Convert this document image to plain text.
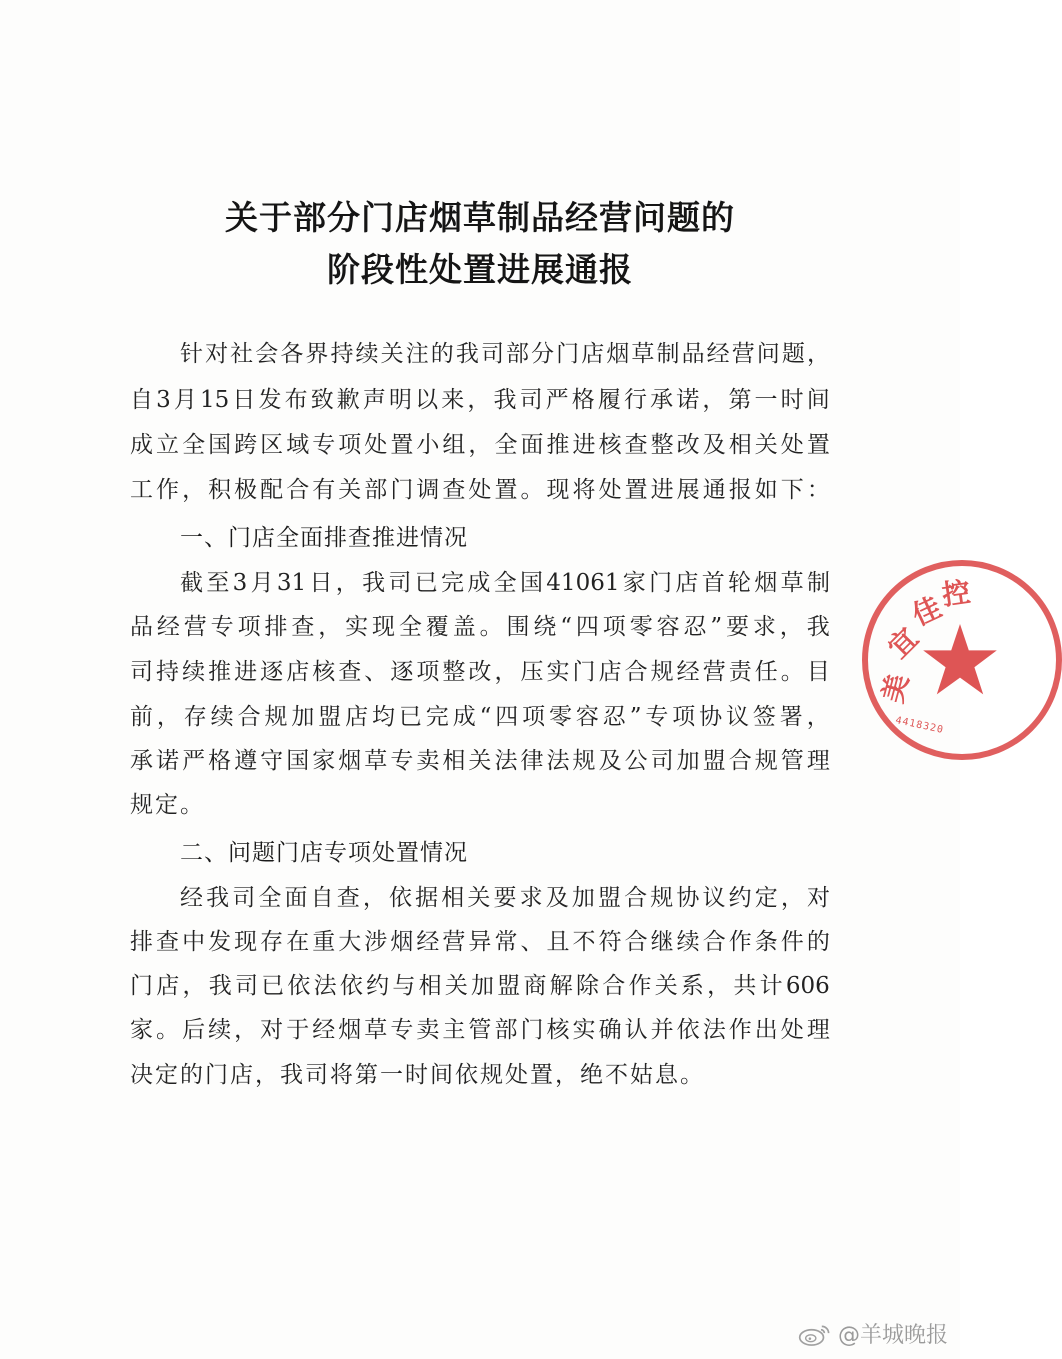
关于部分门店烟草制品经营问题的
阶段性处置进展通报
针 对 社 会 各 界 持 续 关 注 的 我 司 部 分 门 店 烟 草 制 品 经 营 问 题 ，
自 3 月 15 日 发 布 致 歉 声 明 以 来 ， 我 司 严 格 履 行 承 诺 ， 第 一 时 间
成 立 全 国 跨 区 域 专 项 处 置 小 组 ， 全 面 推 进 核 查 整 改 及 相 关 处 置
工 作 ， 积 极 配 合 有 关 部 门 调 查 处 置 。 现 将 处 置 进 展 通 报 如 下 ：
一、门店全面排查推进情况
截 至 3 月 31 日 ， 我 司 已 完 成 全 国 41061 家 门 店 首 轮 烟 草 制
品 经 营 专 项 排 查 ， 实 现 全 覆 盖 。 围 绕 “ 四 项 零 容 忍 ” 要 求 ， 我
司 持 续 推 进 逐 店 核 查 、 逐 项 整 改 ， 压 实 门 店 合 规 经 营 责 任 。 目
前 ， 存 续 合 规 加 盟 店 均 已 完 成 “ 四 项 零 容 忍 ” 专 项 协 议 签 署 ，
承 诺 严 格 遵 守 国 家 烟 草 专 卖 相 关 法 律 法 规 及 公 司 加 盟 合 规 管 理
规定。
二、问题门店专项处置情况
经 我 司 全 面 自 查 ， 依 据 相 关 要 求 及 加 盟 合 规 协 议 约 定 ， 对
排 查 中 发 现 存 在 重 大 涉 烟 经 营 异 常 、 且 不 符 合 继 续 合 作 条 件 的
门 店 ， 我 司 已 依 法 依 约 与 相 关 加 盟 商 解 除 合 作 关 系 ， 共 计 606
家 。 后 续 ， 对 于 经 烟 草 专 卖 主 管 部 门 核 实 确 认 并 依 法 作 出 处 理
决定的门店，我司将第一时间依规处置，绝不姑息。
美
宜
佳
控
4418320
@羊城晚报
